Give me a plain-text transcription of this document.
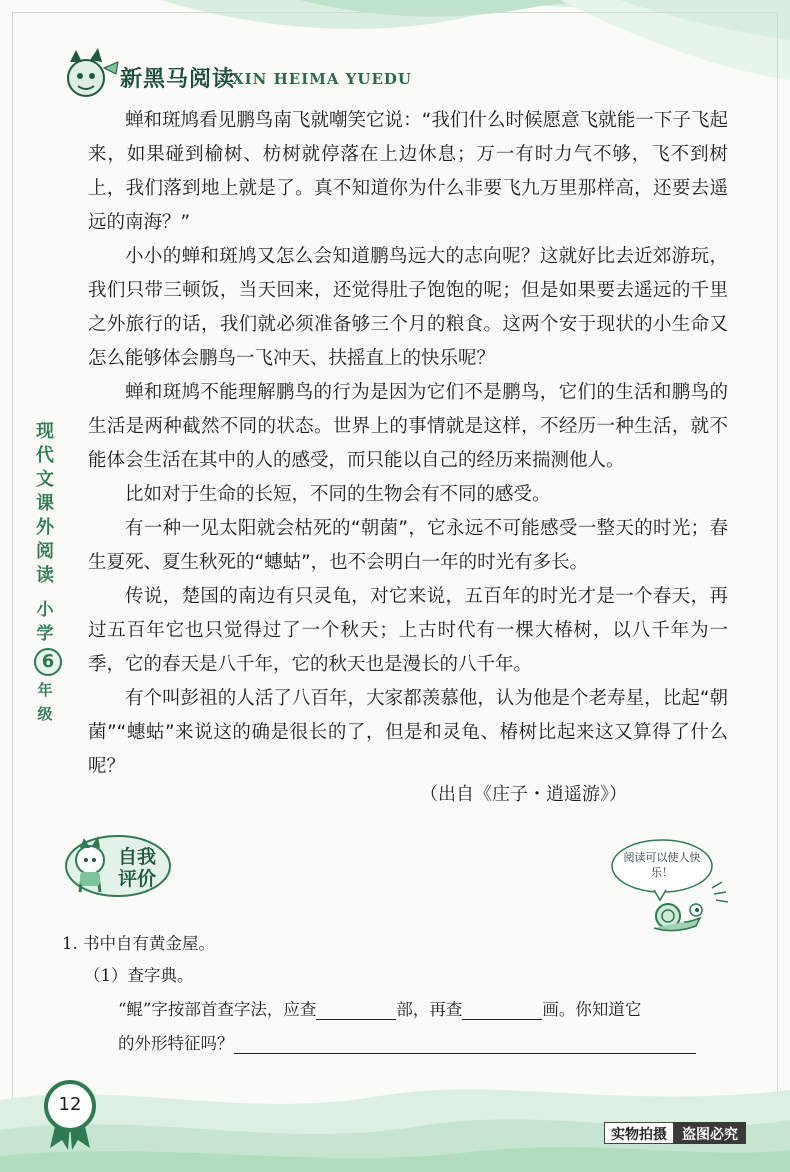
新黑马阅读
XIN HEIMA YUEDU
现
代
文
课
外
阅
读
小
学
6
年
级

蝉和斑鸠看见鹏鸟南飞就嘲笑它说：“我们什么时候愿意飞就能一下子飞起来，如果碰到榆树、枋树就停落在上边休息；万一有时力气不够，飞不到树上，我们落到地上就是了。真不知道你为什么非要飞九万里那样高，还要去遥远的南海？”

小小的蝉和斑鸠又怎么会知道鹏鸟远大的志向呢？这就好比去近郊游玩，我们只带三顿饭，当天回来，还觉得肚子饱饱的呢；但是如果要去遥远的千里之外旅行的话，我们就必须准备够三个月的粮食。这两个安于现状的小生命又怎么能够体会鹏鸟一飞冲天、扶摇直上的快乐呢？

蝉和斑鸠不能理解鹏鸟的行为是因为它们不是鹏鸟，它们的生活和鹏鸟的生活是两种截然不同的状态。世界上的事情就是这样，不经历一种生活，就不能体会生活在其中的人的感受，而只能以自己的经历来揣测他人。

比如对于生命的长短，不同的生物会有不同的感受。

有一种一见太阳就会枯死的“朝菌”，它永远不可能感受一整天的时光；春生夏死、夏生秋死的“蟪蛄”，也不会明白一年的时光有多长。

传说，楚国的南边有只灵龟，对它来说，五百年的时光才是一个春天，再过五百年它也只觉得过了一个秋天；上古时代有一棵大椿树，以八千年为一季，它的春天是八千年，它的秋天也是漫长的八千年。

有个叫彭祖的人活了八百年，大家都羡慕他，认为他是个老寿星，比起“朝菌”“蟪蛄”来说这的确是很长的了，但是和灵龟、椿树比起来这又算得了什么呢？

（出自《庄子・逍遥游》）
自我
评价
阅读可以使人快乐！
1. 书中自有黄金屋。
（1）查字典。
“鲲”字按部首查字法，应查	部，再查	画。你知道它
的外形特征吗？
12
实物拍摄	盗图必究
